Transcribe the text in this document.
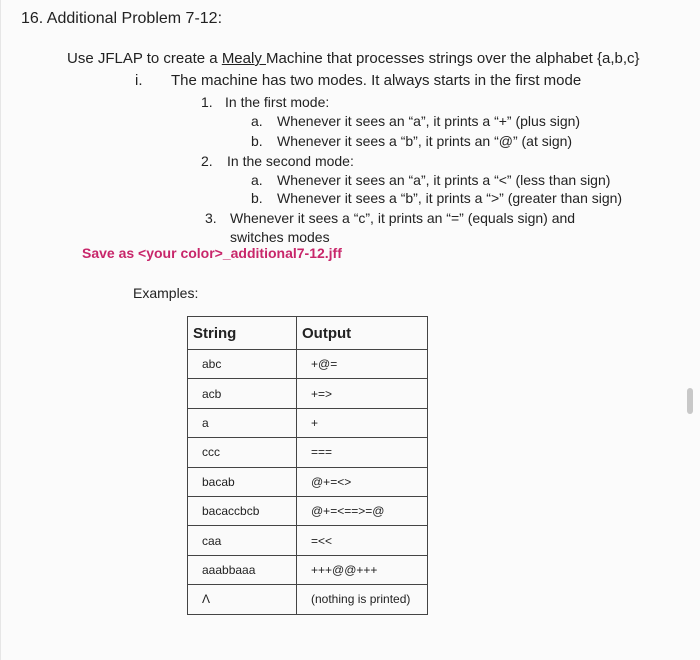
16. Additional Problem 7-12:
Use JFLAP to create a Mealy Machine that processes strings over the alphabet {a,b,c}
i. The machine has two modes. It always starts in the first mode
1. In the first mode:
a. Whenever it sees an “a”, it prints a “+” (plus sign)
b. Whenever it sees a “b”, it prints an “@” (at sign)
2. In the second mode:
a. Whenever it sees an “a”, it prints a “<” (less than sign)
b. Whenever it sees a “b”, it prints a “>” (greater than sign)
3. Whenever it sees a “c”, it prints an “=” (equals sign) and
switches modes
Save as <your color>_additional7-12.jff
Examples:
String	Output
abc	+@=
acb	+=>
a	+
ccc	===
bacab	@+=<>
bacaccbcb	@+=<==>=@
caa	=<<
aaabbaaa	+++@@+++
Λ	(nothing is printed)
